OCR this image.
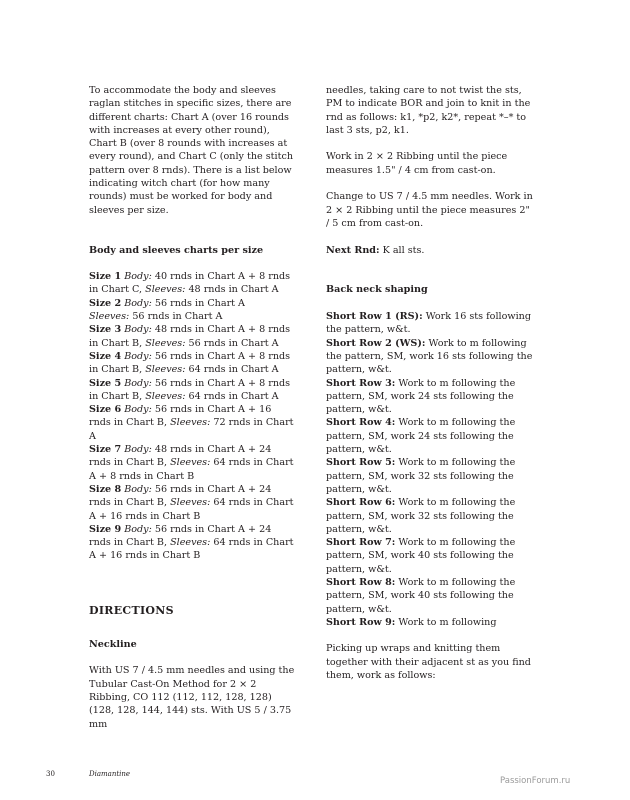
To accommodate the body and sleeves raglan stitches in specific sizes, there are different charts: Chart A (over 16 rounds with increases at every other round), Chart B (over 8 rounds with increases at every round), and Chart C (only the stitch pattern over 8 rnds). There is a list below indicating witch chart (for how many rounds) must be worked for body and sleeves per size.

Body and sleeves charts per size

Size 1 Body: 40 rnds in Chart A + 8 rnds in Chart C, Sleeves: 48 rnds in Chart A

Size 2 Body: 56 rnds in Chart A
Sleeves: 56 rnds in Chart A

Size 3 Body: 48 rnds in Chart A + 8 rnds in Chart B, Sleeves: 56 rnds in Chart A

Size 4 Body: 56 rnds in Chart A + 8 rnds in Chart B, Sleeves: 64 rnds in Chart A

Size 5 Body: 56 rnds in Chart A + 8 rnds in Chart B, Sleeves: 64 rnds in Chart A

Size 6 Body: 56 rnds in Chart A + 16 rnds in Chart B, Sleeves: 72 rnds in Chart A

Size 7 Body: 48 rnds in Chart A + 24 rnds in Chart B, Sleeves: 64 rnds in Chart A + 8 rnds in Chart B

Size 8 Body: 56 rnds in Chart A + 24 rnds in Chart B, Sleeves: 64 rnds in Chart A + 16 rnds in Chart B

Size 9 Body: 56 rnds in Chart A + 24 rnds in Chart B, Sleeves: 64 rnds in Chart A + 16 rnds in Chart B

DIRECTIONS

Neckline

With US 7 / 4.5 mm needles and using the Tubular Cast-On Method for 2 × 2 Ribbing, CO 112 (112, 112, 128, 128) (128, 128, 144, 144) sts. With US 5 / 3.75 mm

needles, taking care to not twist the sts, PM to indicate BOR and join to knit in the rnd as follows: k1, *p2, k2*, repeat *–* to last 3 sts, p2, k1.

Work in 2 × 2 Ribbing until the piece measures 1.5" / 4 cm from cast-on.

Change to US 7 / 4.5 mm needles. Work in 2 × 2 Ribbing until the piece measures 2" / 5 cm from cast-on.

Next Rnd: K all sts.

Back neck shaping

Short Row 1 (RS): Work 16 sts following the pattern, w&t.

Short Row 2 (WS): Work to m following the pattern, SM, work 16 sts following the pattern, w&t.

Short Row 3: Work to m following the pattern, SM, work 24 sts following the pattern, w&t.

Short Row 4: Work to m following the pattern, SM, work 24 sts following the pattern, w&t.

Short Row 5: Work to m following the pattern, SM, work 32 sts following the pattern, w&t.

Short Row 6: Work to m following the pattern, SM, work 32 sts following the pattern, w&t.

Short Row 7: Work to m following the pattern, SM, work 40 sts following the pattern, w&t.

Short Row 8: Work to m following the pattern, SM, work 40 sts following the pattern, w&t.

Short Row 9: Work to m following

Picking up wraps and knitting them together with their adjacent st as you find them, work as follows:

30	Diamantine
PassionForum.ru
